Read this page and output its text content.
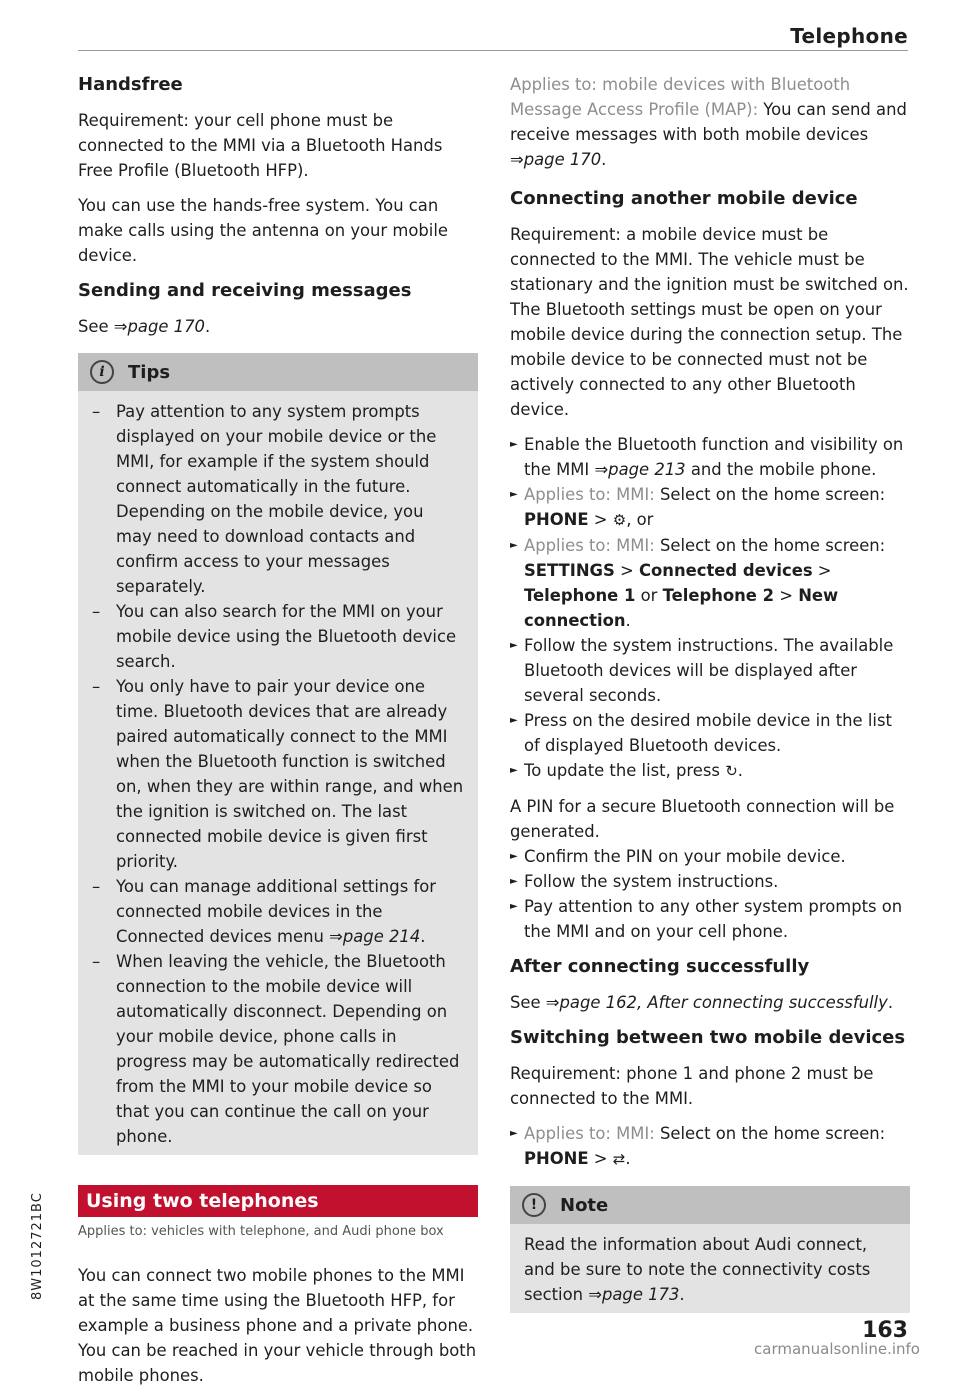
Telephone
8W1012721BC
Handsfree

Requirement: your cell phone must be connected to the MMI via a Bluetooth Hands Free Profile (Bluetooth HFP).

You can use the hands-free system. You can make calls using the antenna on your mobile device.

Sending and receiving messages

See ⇒page 170.

i	Tips
– Pay attention to any system prompts displayed on your mobile device or the MMI, for example if the system should connect automatically in the future. Depending on the mobile device, you may need to download contacts and confirm access to your messages separately.
– You can also search for the MMI on your mobile device using the Bluetooth device search.
– You only have to pair your device one time. Bluetooth devices that are already paired automatically connect to the MMI when the Bluetooth function is switched on, when they are within range, and when the ignition is switched on. The last connected mobile device is given first priority.
– You can manage additional settings for connected mobile devices in the Connected devices menu ⇒page 214.
– When leaving the vehicle, the Bluetooth connection to the mobile device will automatically disconnect. Depending on your mobile device, phone calls in progress may be automatically redirected from the MMI to your mobile device so that you can continue the call on your phone.
Using two telephones
Applies to: vehicles with telephone, and Audi phone box

You can connect two mobile phones to the MMI at the same time using the Bluetooth HFP, for example a business phone and a private phone. You can be reached in your vehicle through both mobile phones.

Applies to: mobile devices with Bluetooth Message Access Profile (MAP): You can send and receive messages with both mobile devices ⇒page 170.

Connecting another mobile device

Requirement: a mobile device must be connected to the MMI. The vehicle must be stationary and the ignition must be switched on. The Bluetooth settings must be open on your mobile device during the connection setup. The mobile device to be connected must not be actively connected to any other Bluetooth device.

► Enable the Bluetooth function and visibility on the MMI ⇒page 213 and the mobile phone.
► Applies to: MMI: Select on the home screen: PHONE > ⚙, or
► Applies to: MMI: Select on the home screen: SETTINGS > Connected devices > Telephone 1 or Telephone 2 > New connection.
► Follow the system instructions. The available Bluetooth devices will be displayed after several seconds.
► Press on the desired mobile device in the list of displayed Bluetooth devices.
► To update the list, press ↻.

A PIN for a secure Bluetooth connection will be generated.

► Confirm the PIN on your mobile device.
► Follow the system instructions.
► Pay attention to any other system prompts on the MMI and on your cell phone.
After connecting successfully

See ⇒page 162, After connecting successfully.

Switching between two mobile devices

Requirement: phone 1 and phone 2 must be connected to the MMI.

► Applies to: MMI: Select on the home screen: PHONE > ⇄.
!	Note

Read the information about Audi connect, and be sure to note the connectivity costs section ⇒page 173.

163
carmanualsonline.info
